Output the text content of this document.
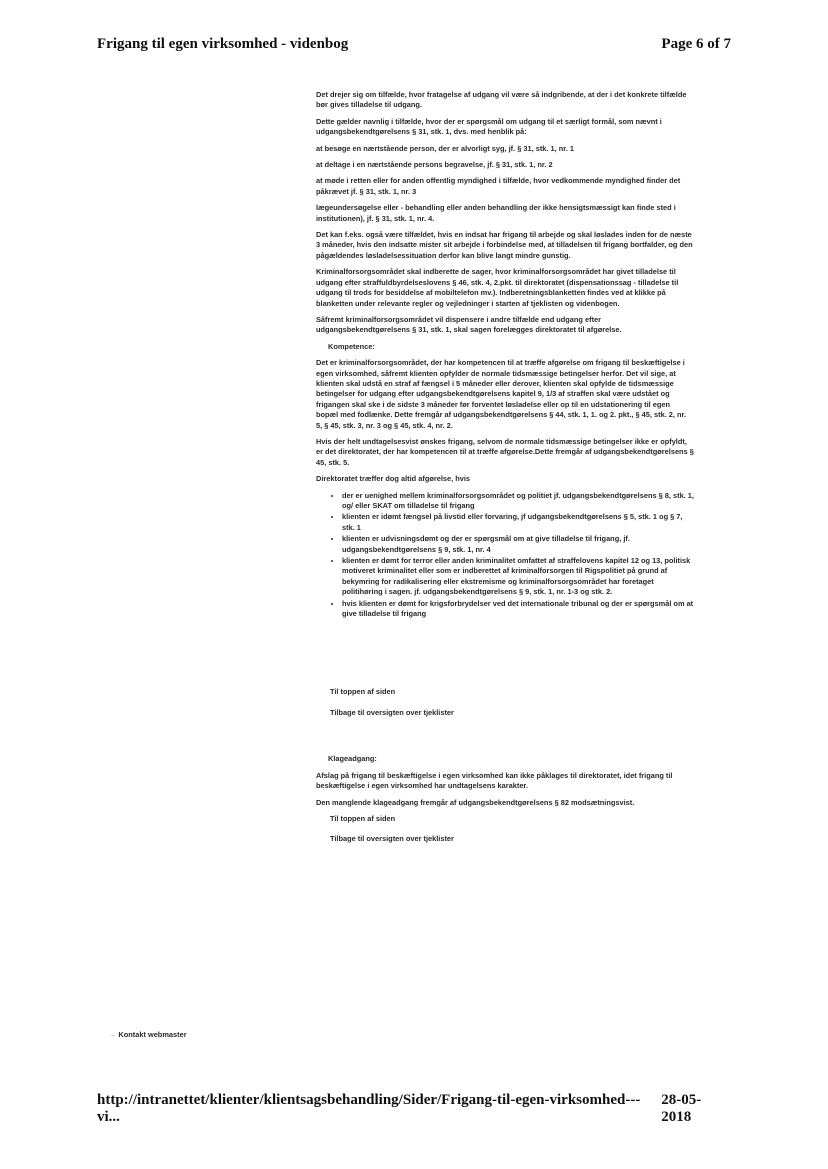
Frigang til egen virksomhed - videnbog	Page 6 of 7

Det drejer sig om tilfælde, hvor fratagelse af udgang vil være så indgribende, at der i det konkrete tilfælde bør gives tilladelse til udgang.

Dette gælder navnlig i tilfælde, hvor der er spørgsmål om udgang til et særligt formål, som nævnt i udgangsbekendtgørelsens § 31, stk. 1, dvs. med henblik på:

at besøge en nærtstående person, der er alvorligt syg, jf. § 31, stk. 1, nr. 1

at deltage i en nærtstående persons begravelse, jf. § 31, stk. 1, nr. 2

at møde i retten eller for anden offentlig myndighed i tilfælde, hvor vedkommende myndighed finder det påkrævet jf. § 31, stk. 1, nr. 3

lægeundersøgelse eller - behandling eller anden behandling der ikke hensigtsmæssigt kan finde sted i institutionen), jf. § 31, stk. 1, nr. 4.

Det kan f.eks. også være tilfældet, hvis en indsat har frigang til arbejde og skal løslades inden for de næste 3 måneder, hvis den indsatte mister sit arbejde i forbindelse med, at tilladelsen til frigang bortfalder, og den pågældendes løsladelsessituation derfor kan blive langt mindre gunstig.

Kriminalforsorgsområdet skal indberette de sager, hvor kriminalforsorgsområdet har givet tilladelse til udgang efter straffuldbyrdelseslovens § 46, stk. 4, 2.pkt. til direktoratet (dispensationssag - tilladelse til udgang til trods for besiddelse af mobiltelefon mv.). Indberetningsblanketten findes ved at klikke på blanketten under relevante regler og vejledninger i starten af tjeklisten og videnbogen.

Såfremt kriminalforsorgsområdet vil dispensere i andre tilfælde end udgang efter udgangsbekendtgørelsens § 31, stk. 1, skal sagen forelægges direktoratet til afgørelse.

Kompetence:

Det er kriminalforsorgsområdet, der har kompetencen til at træffe afgørelse om frigang til beskæftigelse i egen virksomhed, såfremt klienten opfylder de normale tidsmæssige betingelser herfor. Det vil sige, at klienten skal udstå en straf af fængsel i 5 måneder eller derover, klienten skal opfylde de tidsmæssige betingelser for udgang efter udgangsbekendtgørelsens kapitel 9, 1/3 af straffen skal være udstået og frigangen skal ske i de sidste 3 måneder før forventet løsladelse eller op til en udstationering til egen bopæl med fodlænke. Dette fremgår af udgangsbekendtgørelsens § 44, stk. 1, 1. og 2. pkt., § 45, stk. 2, nr. 5, § 45, stk. 3, nr. 3 og § 45, stk. 4, nr. 2.

Hvis der helt undtagelsesvist ønskes frigang, selvom de normale tidsmæssige betingelser ikke er opfyldt, er det direktoratet, der har kompetencen til at træffe afgørelse.Dette fremgår af udgangsbekendtgørelsens § 45, stk. 5.

Direktoratet træffer dog altid afgørelse, hvis

• der er uenighed mellem kriminalforsorgsområdet og politiet jf. udgangsbekendtgørelsens § 8, stk. 1, og/ eller SKAT om tilladelse til frigang
• klienten er idømt fængsel på livstid eller forvaring, jf udgangsbekendtgørelsens § 5, stk. 1 og § 7, stk. 1
• klienten er udvisningsdømt og der er spørgsmål om at give tilladelse til frigang, jf. udgangsbekendtgørelsens § 9, stk. 1, nr. 4
• klienten er dømt for terror eller anden kriminalitet omfattet af straffelovens kapitel 12 og 13, politisk motiveret kriminalitet eller som er indberettet af kriminalforsorgen til Rigspolitiet på grund af bekymring for radikalisering eller ekstremisme og kriminalforsorgsområdet har foretaget politihøring i sagen. jf. udgangsbekendtgørelsens § 9, stk. 1, nr. 1-3 og stk. 2.
• hvis klienten er dømt for krigsforbrydelser ved det internationale tribunal og der er spørgsmål om at give tilladelse til frigang

Til toppen af siden

Tilbage til oversigten over tjeklister

Klageadgang:

Afslag på frigang til beskæftigelse i egen virksomhed kan ikke påklages til direktoratet, idet frigang til beskæftigelse i egen virksomhed har undtagelsens karakter.

Den manglende klageadgang fremgår af udgangsbekendtgørelsens § 82 modsætningsvist.

Til toppen af siden

Tilbage til oversigten over tjeklister

→ Kontakt webmaster
http://intranettet/klienter/klientsagsbehandling/Sider/Frigang-til-egen-virksomhed---vi...
28-05-2018
